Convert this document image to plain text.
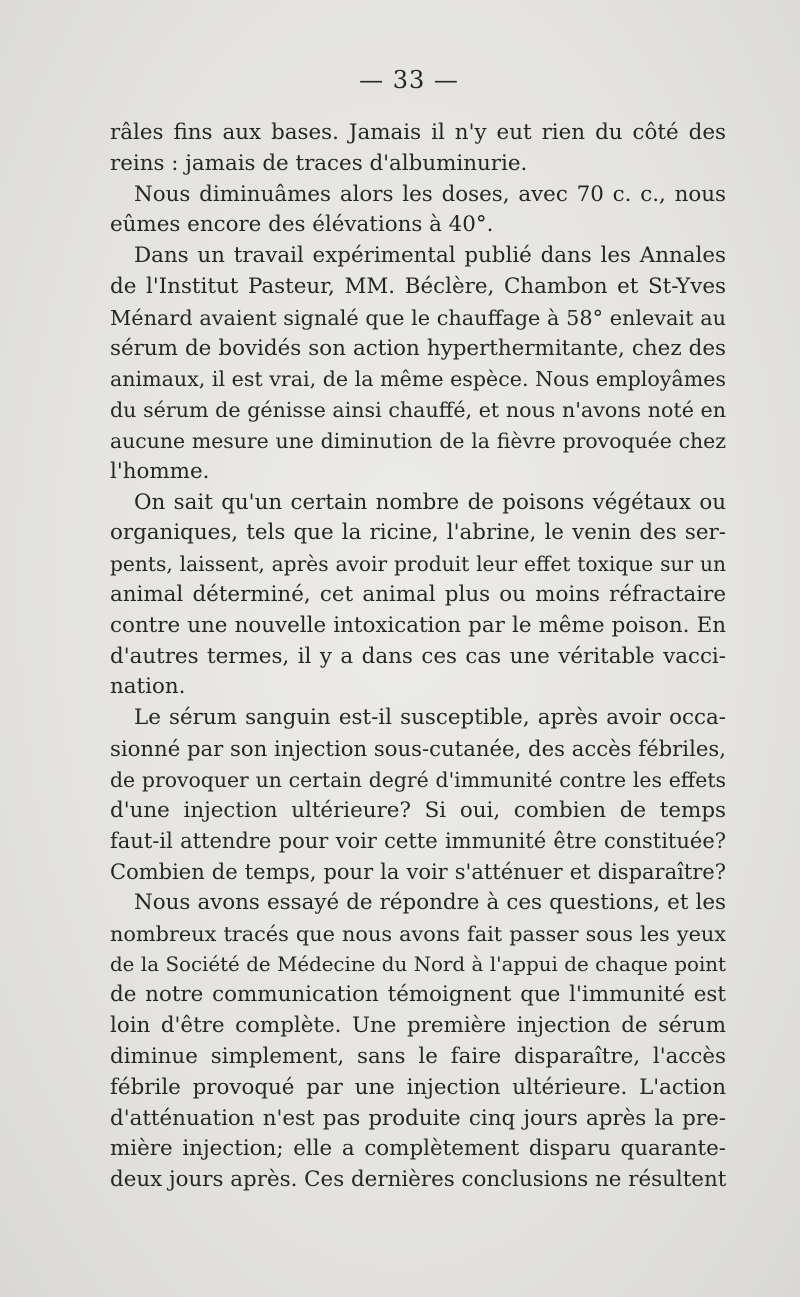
— 33 —
râles fins aux bases. Jamais il n'y eut rien du côté des
reins : jamais de traces d'albuminurie.
Nous diminuâmes alors les doses, avec 70 c. c., nous
eûmes encore des élévations à 40°.
Dans un travail expérimental publié dans les Annales
de l'Institut Pasteur, MM. Béclère, Chambon et St-Yves
Ménard avaient signalé que le chauffage à 58° enlevait au
sérum de bovidés son action hyperthermitante, chez des
animaux, il est vrai, de la même espèce. Nous employâmes
du sérum de génisse ainsi chauffé, et nous n'avons noté en
aucune mesure une diminution de la fièvre provoquée chez
l'homme.
On sait qu'un certain nombre de poisons végétaux ou
organiques, tels que la ricine, l'abrine, le venin des ser-
pents, laissent, après avoir produit leur effet toxique sur un
animal déterminé, cet animal plus ou moins réfractaire
contre une nouvelle intoxication par le même poison. En
d'autres termes, il y a dans ces cas une véritable vacci-
nation.
Le sérum sanguin est-il susceptible, après avoir occa-
sionné par son injection sous-cutanée, des accès fébriles,
de provoquer un certain degré d'immunité contre les effets
d'une injection ultérieure? Si oui, combien de temps
faut-il attendre pour voir cette immunité être constituée?
Combien de temps, pour la voir s'atténuer et disparaître?
Nous avons essayé de répondre à ces questions, et les
nombreux tracés que nous avons fait passer sous les yeux
de la Société de Médecine du Nord à l'appui de chaque point
de notre communication témoignent que l'immunité est
loin d'être complète. Une première injection de sérum
diminue simplement, sans le faire disparaître, l'accès
fébrile provoqué par une injection ultérieure. L'action
d'atténuation n'est pas produite cinq jours après la pre-
mière injection; elle a complètement disparu quarante-
deux jours après. Ces dernières conclusions ne résultent
